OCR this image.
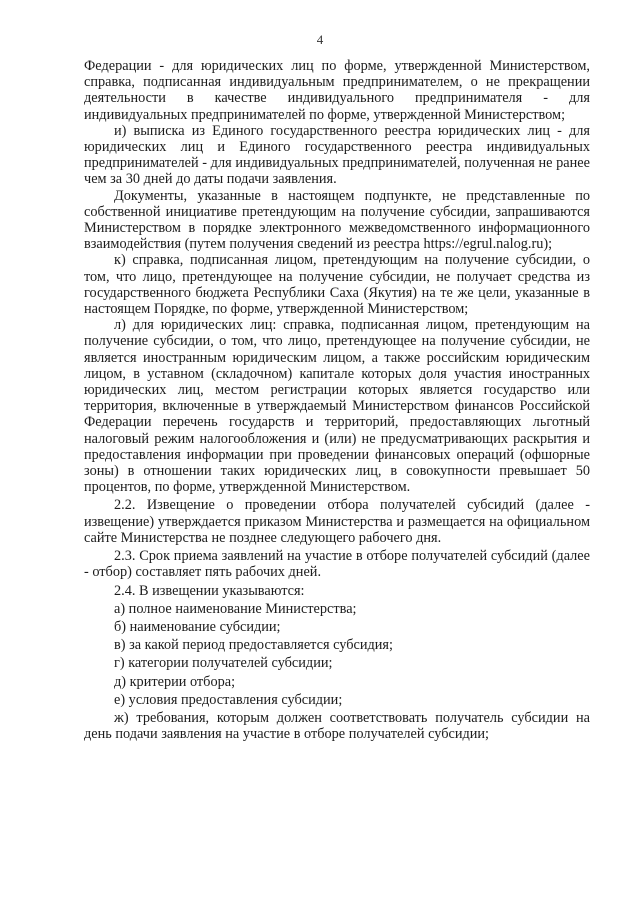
4

Федерации - для юридических лиц по форме, утвержденной Министерством, справка, подписанная индивидуальным предпринимателем, о не прекращении деятельности в качестве индивидуального предпринимателя - для индивидуальных предпринимателей по форме, утвержденной Министерством;

и) выписка из Единого государственного реестра юридических лиц - для юридических лиц и Единого государственного реестра индивидуальных предпринимателей - для индивидуальных предпринимателей, полученная не ранее чем за 30 дней до даты подачи заявления.

Документы, указанные в настоящем подпункте, не представленные по собственной инициативе претендующим на получение субсидии, запрашиваются Министерством в порядке электронного межведомственного информационного взаимодействия (путем получения сведений из реестра https://egrul.nalog.ru);

к) справка, подписанная лицом, претендующим на получение субсидии, о том, что лицо, претендующее на получение субсидии, не получает средства из государственного бюджета Республики Саха (Якутия) на те же цели, указанные в настоящем Порядке, по форме, утвержденной Министерством;

л) для юридических лиц: справка, подписанная лицом, претендующим на получение субсидии, о том, что лицо, претендующее на получение субсидии, не является иностранным юридическим лицом, а также российским юридическим лицом, в уставном (складочном) капитале которых доля участия иностранных юридических лиц, местом регистрации которых является государство или территория, включенные в утверждаемый Министерством финансов Российской Федерации перечень государств и территорий, предоставляющих льготный налоговый режим налогообложения и (или) не предусматривающих раскрытия и предоставления информации при проведении финансовых операций (офшорные зоны) в отношении таких юридических лиц, в совокупности превышает 50 процентов, по форме, утвержденной Министерством.

2.2. Извещение о проведении отбора получателей субсидий (далее - извещение) утверждается приказом Министерства и размещается на официальном сайте Министерства не позднее следующего рабочего дня.

2.3. Срок приема заявлений на участие в отборе получателей субсидий (далее - отбор) составляет пять рабочих дней.

2.4. В извещении указываются:

а) полное наименование Министерства;

б) наименование субсидии;

в) за какой период предоставляется субсидия;

г) категории получателей субсидии;

д) критерии отбора;

е) условия предоставления субсидии;

ж) требования, которым должен соответствовать получатель субсидии на день подачи заявления на участие в отборе получателей субсидии;
